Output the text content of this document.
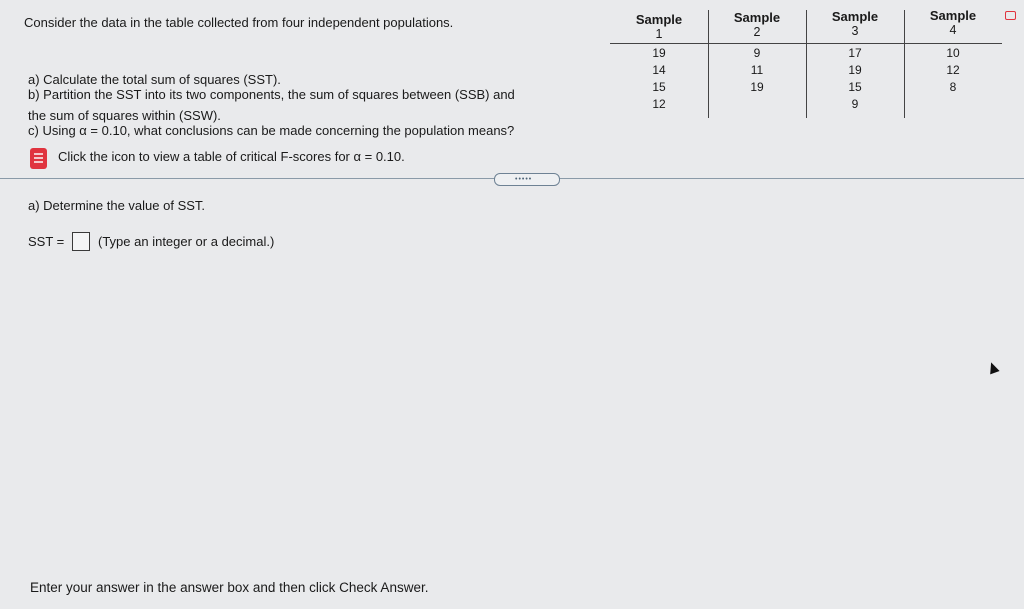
Consider the data in the table collected from four independent populations.
a) Calculate the total sum of squares (SST).
b) Partition the SST into its two components, the sum of squares between (SSB) and
the sum of squares within (SSW).
c) Using α = 0.10, what conclusions can be made concerning the population means?
Click the icon to view a table of critical F-scores for α = 0.10.
Sample
1
19
14
15
12
Sample
2
9
11
19
Sample
3
17
19
15
9
Sample
4
10
12
8
•••••
a) Determine the value of SST.
SST =	(Type an integer or a decimal.)
Enter your answer in the answer box and then click Check Answer.
